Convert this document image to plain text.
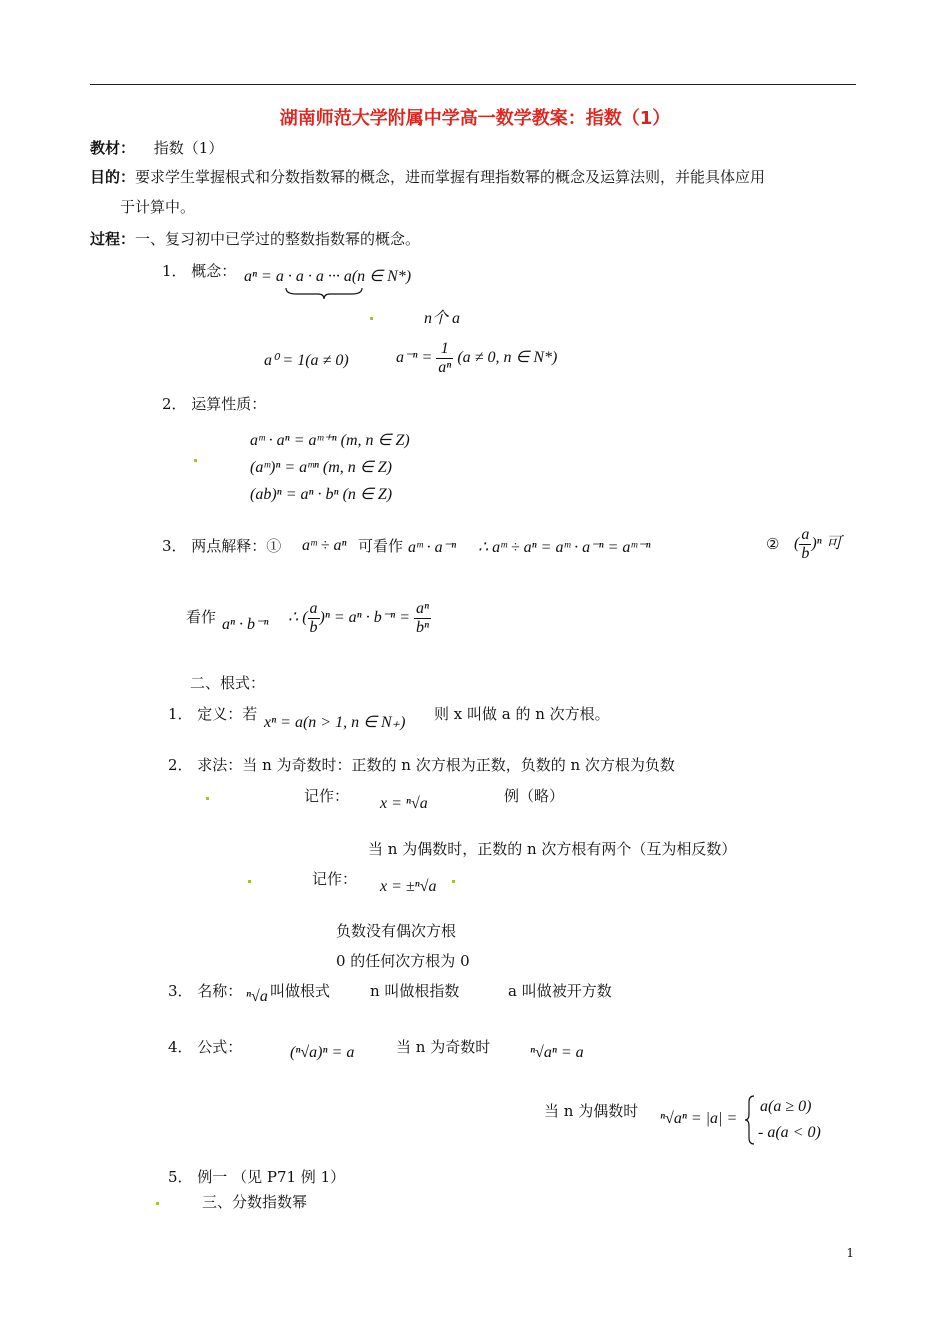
湖南师范大学附属中学高一数学教案：指数（1）
教材： 指数（1）
目的：要求学生掌握根式和分数指数幂的概念，进而掌握有理指数幂的概念及运算法则，并能具体应用
于计算中。
过程：一、复习初中已学过的整数指数幂的概念。
1． 概念： aⁿ = a · a · a ··· a(n ∈ N*)
n个 a
a⁰ = 1(a ≠ 0)	$a^{-n} = \frac{1}{\text{aⁿ}} (a \ne 0$, n ∈ N*)
2． 运算性质：
aᵐ · aⁿ = aᵐ⁺ⁿ (m, n ∈ Z)
(aᵐ)ⁿ = aᵐⁿ (m, n ∈ Z)
(ab)ⁿ = aⁿ · bⁿ (n ∈ Z)
3． 两点解释：① aᵐ ÷ aⁿ 可看作 aᵐ · a⁻ⁿ ∴ aᵐ ÷ aⁿ = aᵐ · a⁻ⁿ = aᵐ⁻ⁿ	② ( $\frac{a}{b} )^n$ 可
看作 aⁿ · b⁻ⁿ ∴ ( $\frac{a}{b} )^n = a^n \cdot b^{-n} = \frac{\text{aⁿ}}{\text{bⁿ}}$
二、根式：
1． 定义：若 xⁿ = a(n > 1, n ∈ N₊) 则 x 叫做 a 的 n 次方根。
2． 求法：当 n 为奇数时：正数的 n 次方根为正数，负数的 n 次方根为负数
记作： x = ⁿ√a	例（略）
当 n 为偶数时，正数的 n 次方根有两个（互为相反数）
记作： x = ±ⁿ√a
负数没有偶次方根
0 的任何次方根为 0
3． 名称： ⁿ√a 叫做根式	n 叫做根指数	a 叫做被开方数
4． 公式：	(ⁿ√a)ⁿ = a	当 n 为奇数时 ⁿ√aⁿ = a
当 n 为偶数时 ⁿ√aⁿ = |a| =
a(a ≥ 0)
- a(a < 0)
5． 例一 （见 P71 例 1）
三、分数指数幂
1
